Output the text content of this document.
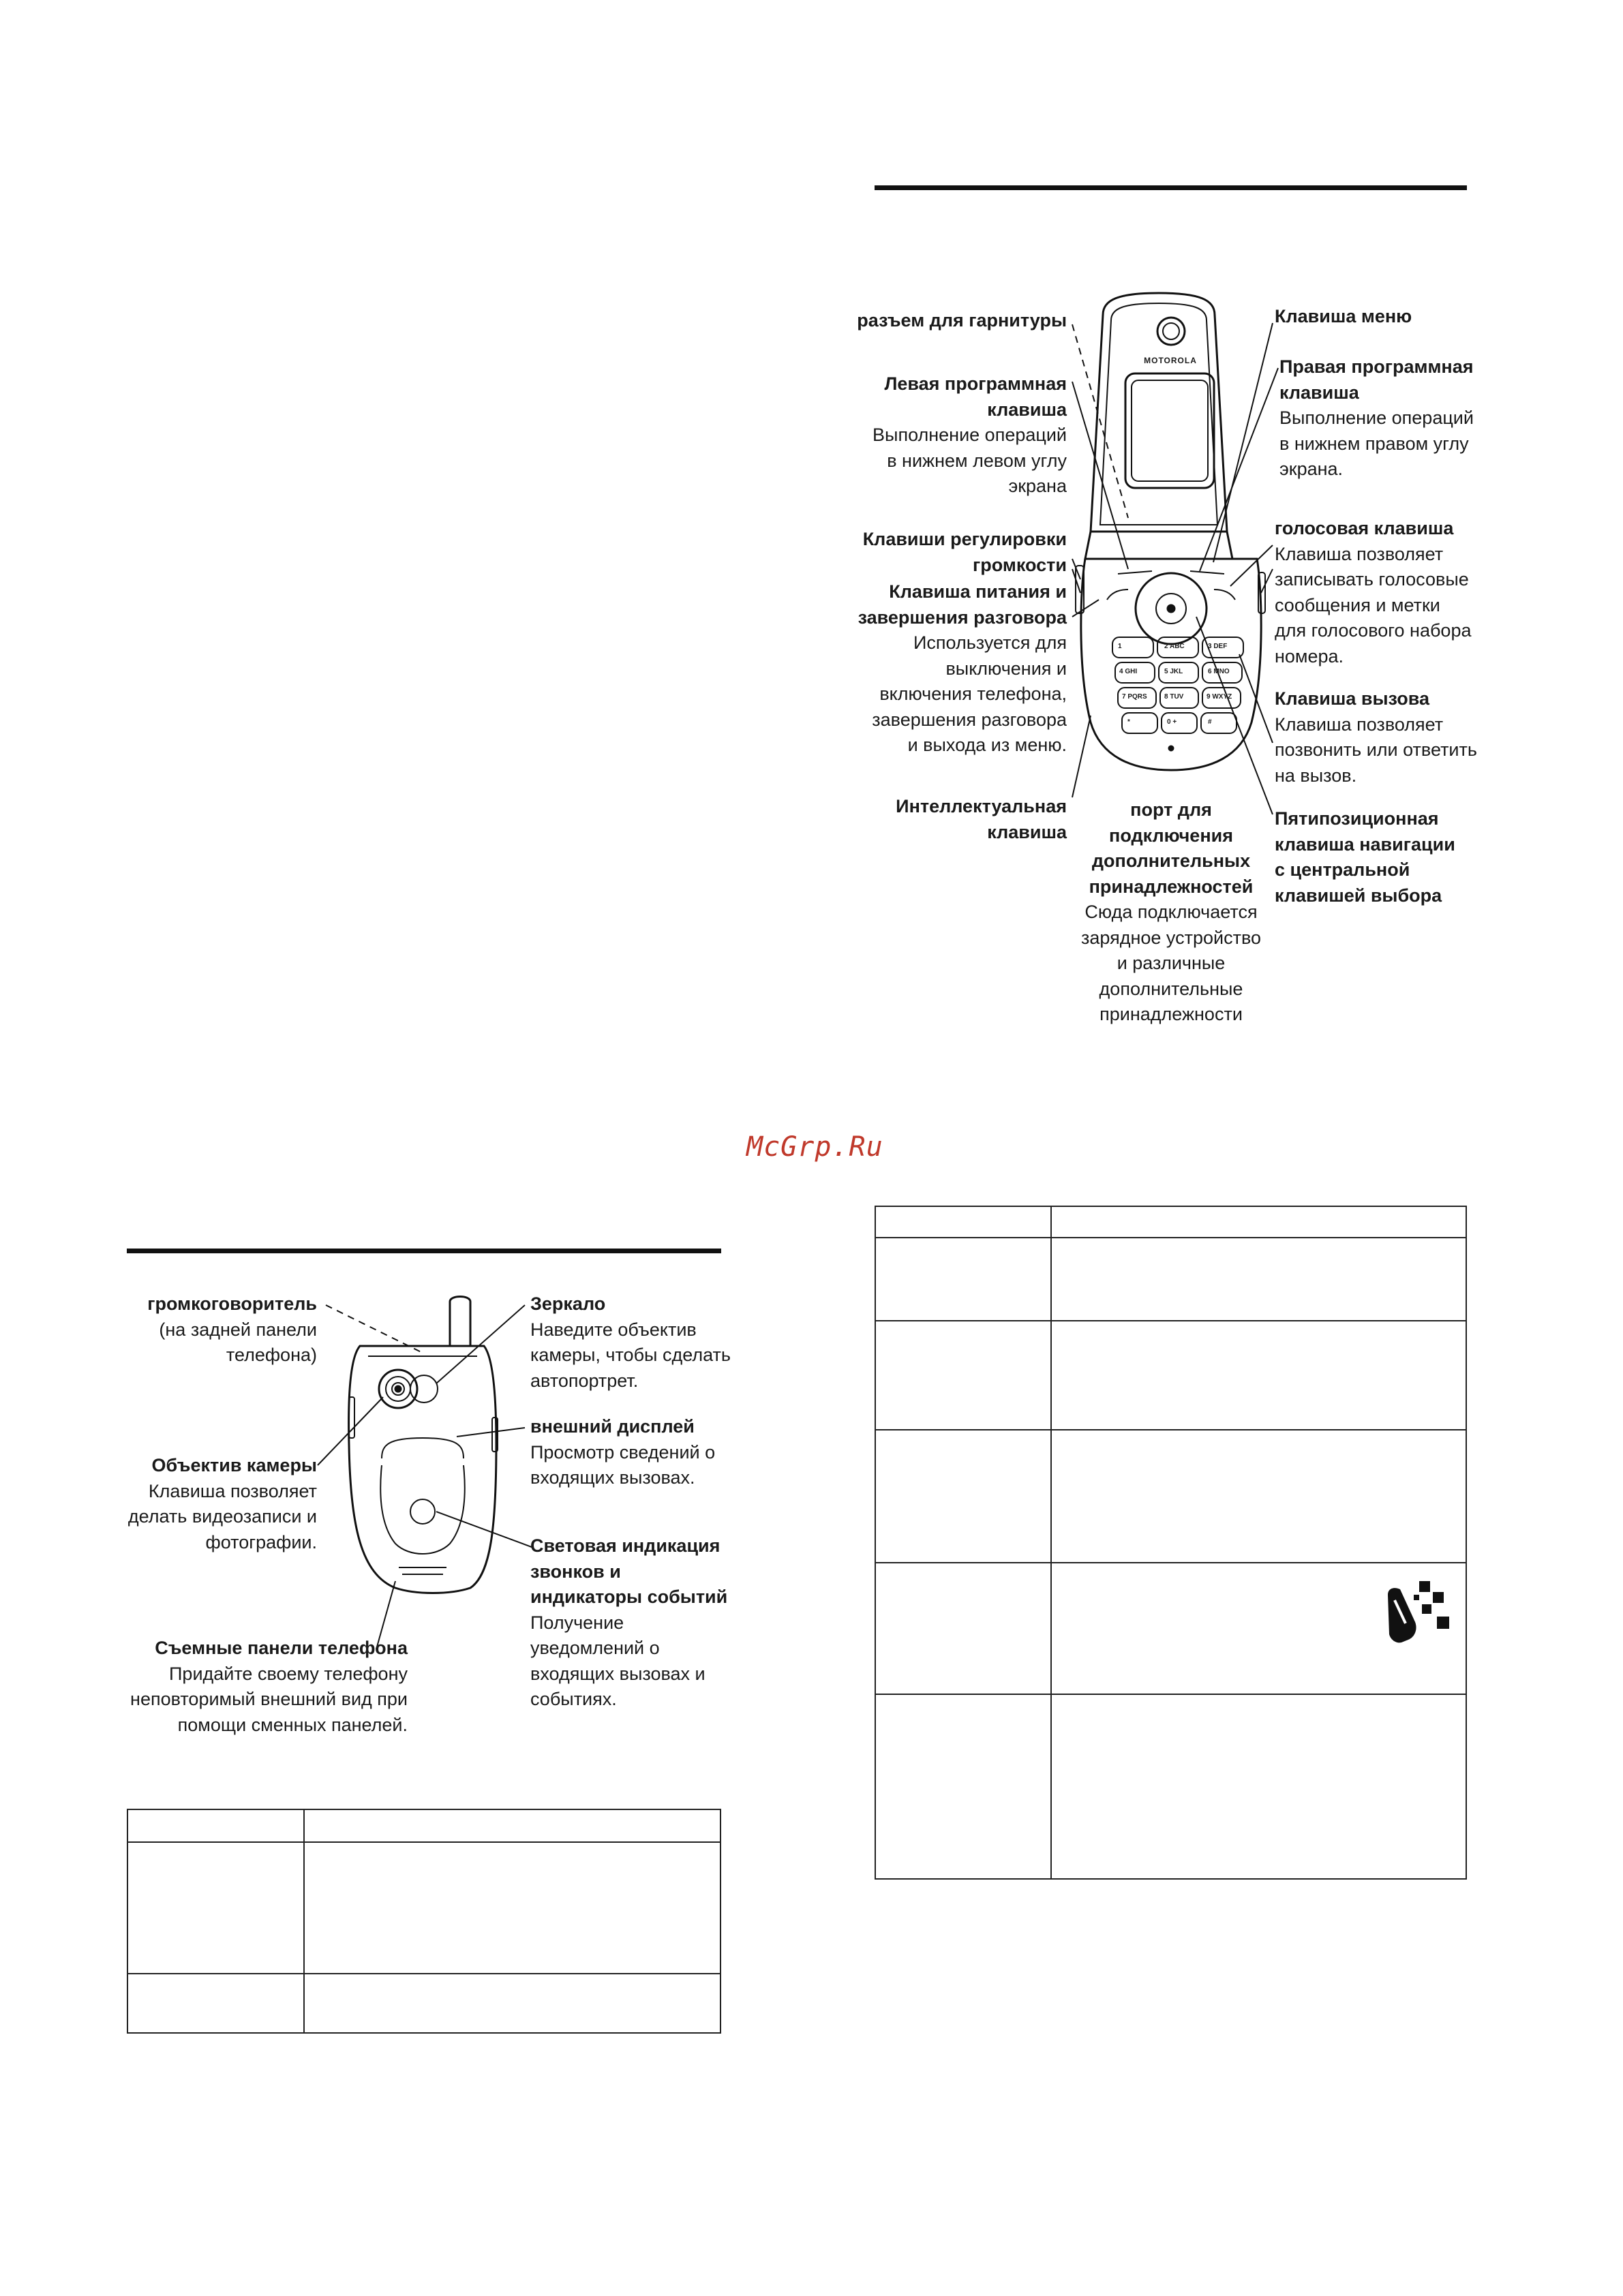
MOTOROLA
1	2 ABC	3 DEF
4 GHI	5 JKL	6 MNO
7 PQRS	8 TUV	9 WXYZ
*	0 +	#
разъем для гарнитуры
Левая программная
клавиша
Выполнение операций
в нижнем левом углу
экрана
Клавиши регулировки
громкости
Клавиша питания и
завершения разговора
Используется для
выключения и
включения телефона,
завершения разговора
и выхода из меню.
Интеллектуальная
клавиша
Клавиша меню
Правая программная
клавиша
Выполнение операций
в нижнем правом углу
экрана.
голосовая клавиша
Клавиша позволяет
записывать голосовые
сообщения и метки
для голосового набора
номера.
Клавиша вызова
Клавиша позволяет
позвонить или ответить
на вызов.
Пятипозиционная
клавиша навигации
с центральной
клавишей выбора
порт для
подключения
дополнительных
принадлежностей
Сюда подключается
зарядное устройство
и различные
дополнительные
принадлежности
McGrp.Ru
громкоговоритель
(на задней панели
телефона)
Объектив камеры
Клавиша позволяет
делать видеозаписи и
фотографии.
Съемные панели телефона
Придайте своему телефону
неповторимый внешний вид при
помощи сменных панелей.
Зеркало
Наведите объектив
камеры, чтобы сделать
автопортрет.
внешний дисплей
Просмотр сведений о
входящих вызовах.
Световая индикация
звонков и
индикаторы событий
Получение
уведомлений о
входящих вызовах и
событиях.
